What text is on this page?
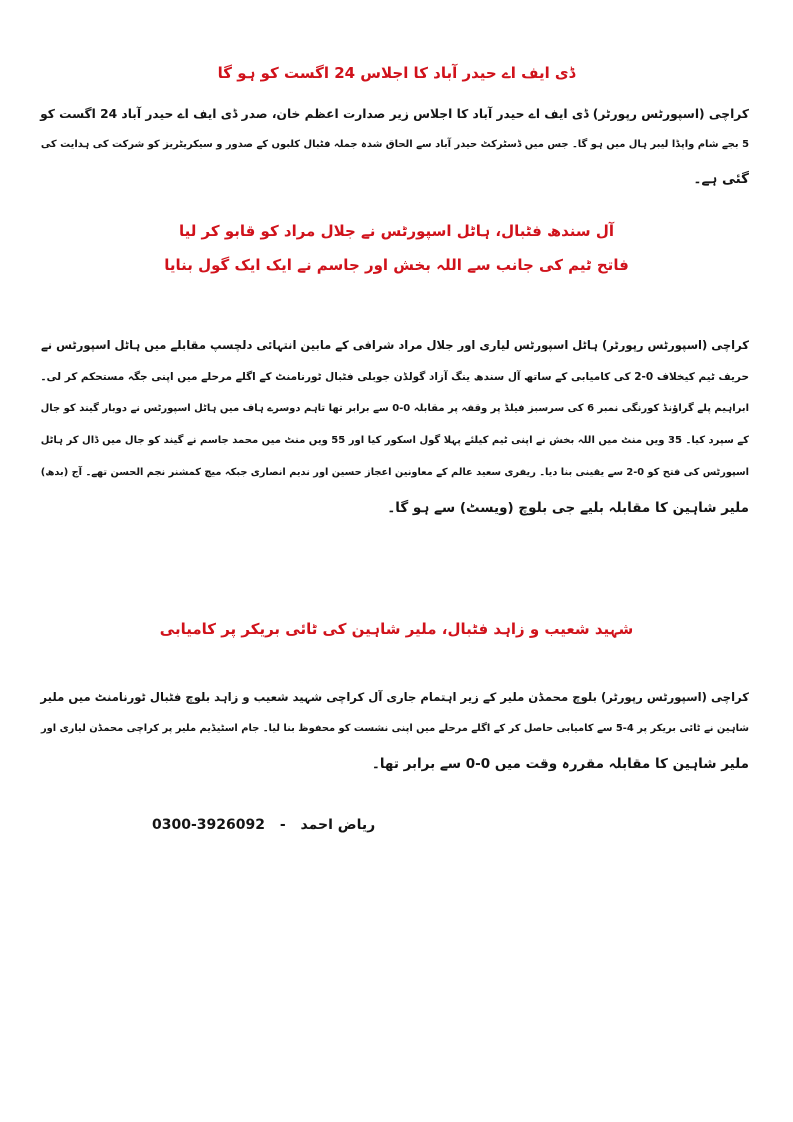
ڈی ایف اے حیدر آباد کا اجلاس 24 اگست کو ہو گا
کراچی (اسپورٹس رپورٹر) ڈی ایف اے حیدر آباد کا اجلاس زیر صدارت اعظم خان، صدر ڈی ایف اے حیدر آباد 24 اگست کو
5 بجے شام واپڈا لیبر ہال میں ہو گا۔ جس میں ڈسٹرکٹ حیدر آباد سے الحاق شدہ جملہ فٹبال کلبوں کے صدور و سیکریٹریز کو شرکت کی ہدایت کی
گئی ہے۔
آل سندھ فٹبال، ہاٹل اسپورٹس نے جلال مراد کو قابو کر لیا
فاتح ٹیم کی جانب سے اللہ بخش اور جاسم نے ایک ایک گول بنایا
کراچی (اسپورٹس رپورٹر) ہاٹل اسپورٹس لیاری اور جلال مراد شرافی کے مابین انتہائی دلچسپ مقابلے میں ہاٹل اسپورٹس نے
حریف ٹیم کیخلاف 0-2 کی کامیابی کے ساتھ آل سندھ ینگ آزاد گولڈن جوبلی فٹبال ٹورنامنٹ کے اگلے مرحلے میں اپنی جگہ مستحکم کر لی۔
ابراہیم پلے گراؤنڈ کورنگی نمبر 6 کی سرسبز فیلڈ پر وقفہ پر مقابلہ 0-0 سے برابر تھا تاہم دوسرے ہاف میں ہاٹل اسپورٹس نے دوبار گیند کو جال
کے سپرد کیا۔ 35 ویں منٹ میں اللہ بخش نے اپنی ٹیم کیلئے پہلا گول اسکور کیا اور 55 ویں منٹ میں محمد جاسم نے گیند کو جال میں ڈال کر ہاٹل
اسپورٹس کی فتح کو 0-2 سے یقینی بنا دیا۔ ریفری سعید عالم کے معاونین اعجاز حسین اور ندیم انصاری جبکہ میچ کمشنر نجم الحسن تھے۔ آج (بدھ)
ملیر شاہین کا مقابلہ بلیے جی بلوچ (ویسٹ) سے ہو گا۔
شہید شعیب و زاہد فٹبال، ملیر شاہین کی ٹائی بریکر پر کامیابی
کراچی (اسپورٹس رپورٹر) بلوچ محمڈن ملیر کے زیر اہتمام جاری آل کراچی شہید شعیب و زاہد بلوچ فٹبال ٹورنامنٹ میں ملیر
شاہین نے ٹائی بریکر پر 4-5 سے کامیابی حاصل کر کے اگلے مرحلے میں اپنی نشست کو محفوظ بنا لیا۔ جام اسٹیڈیم ملیر پر کراچی محمڈن لیاری اور
ملیر شاہین کا مقابلہ مقررہ وقت میں 0-0 سے برابر تھا۔
0300-3926092 - ریاض احمد
